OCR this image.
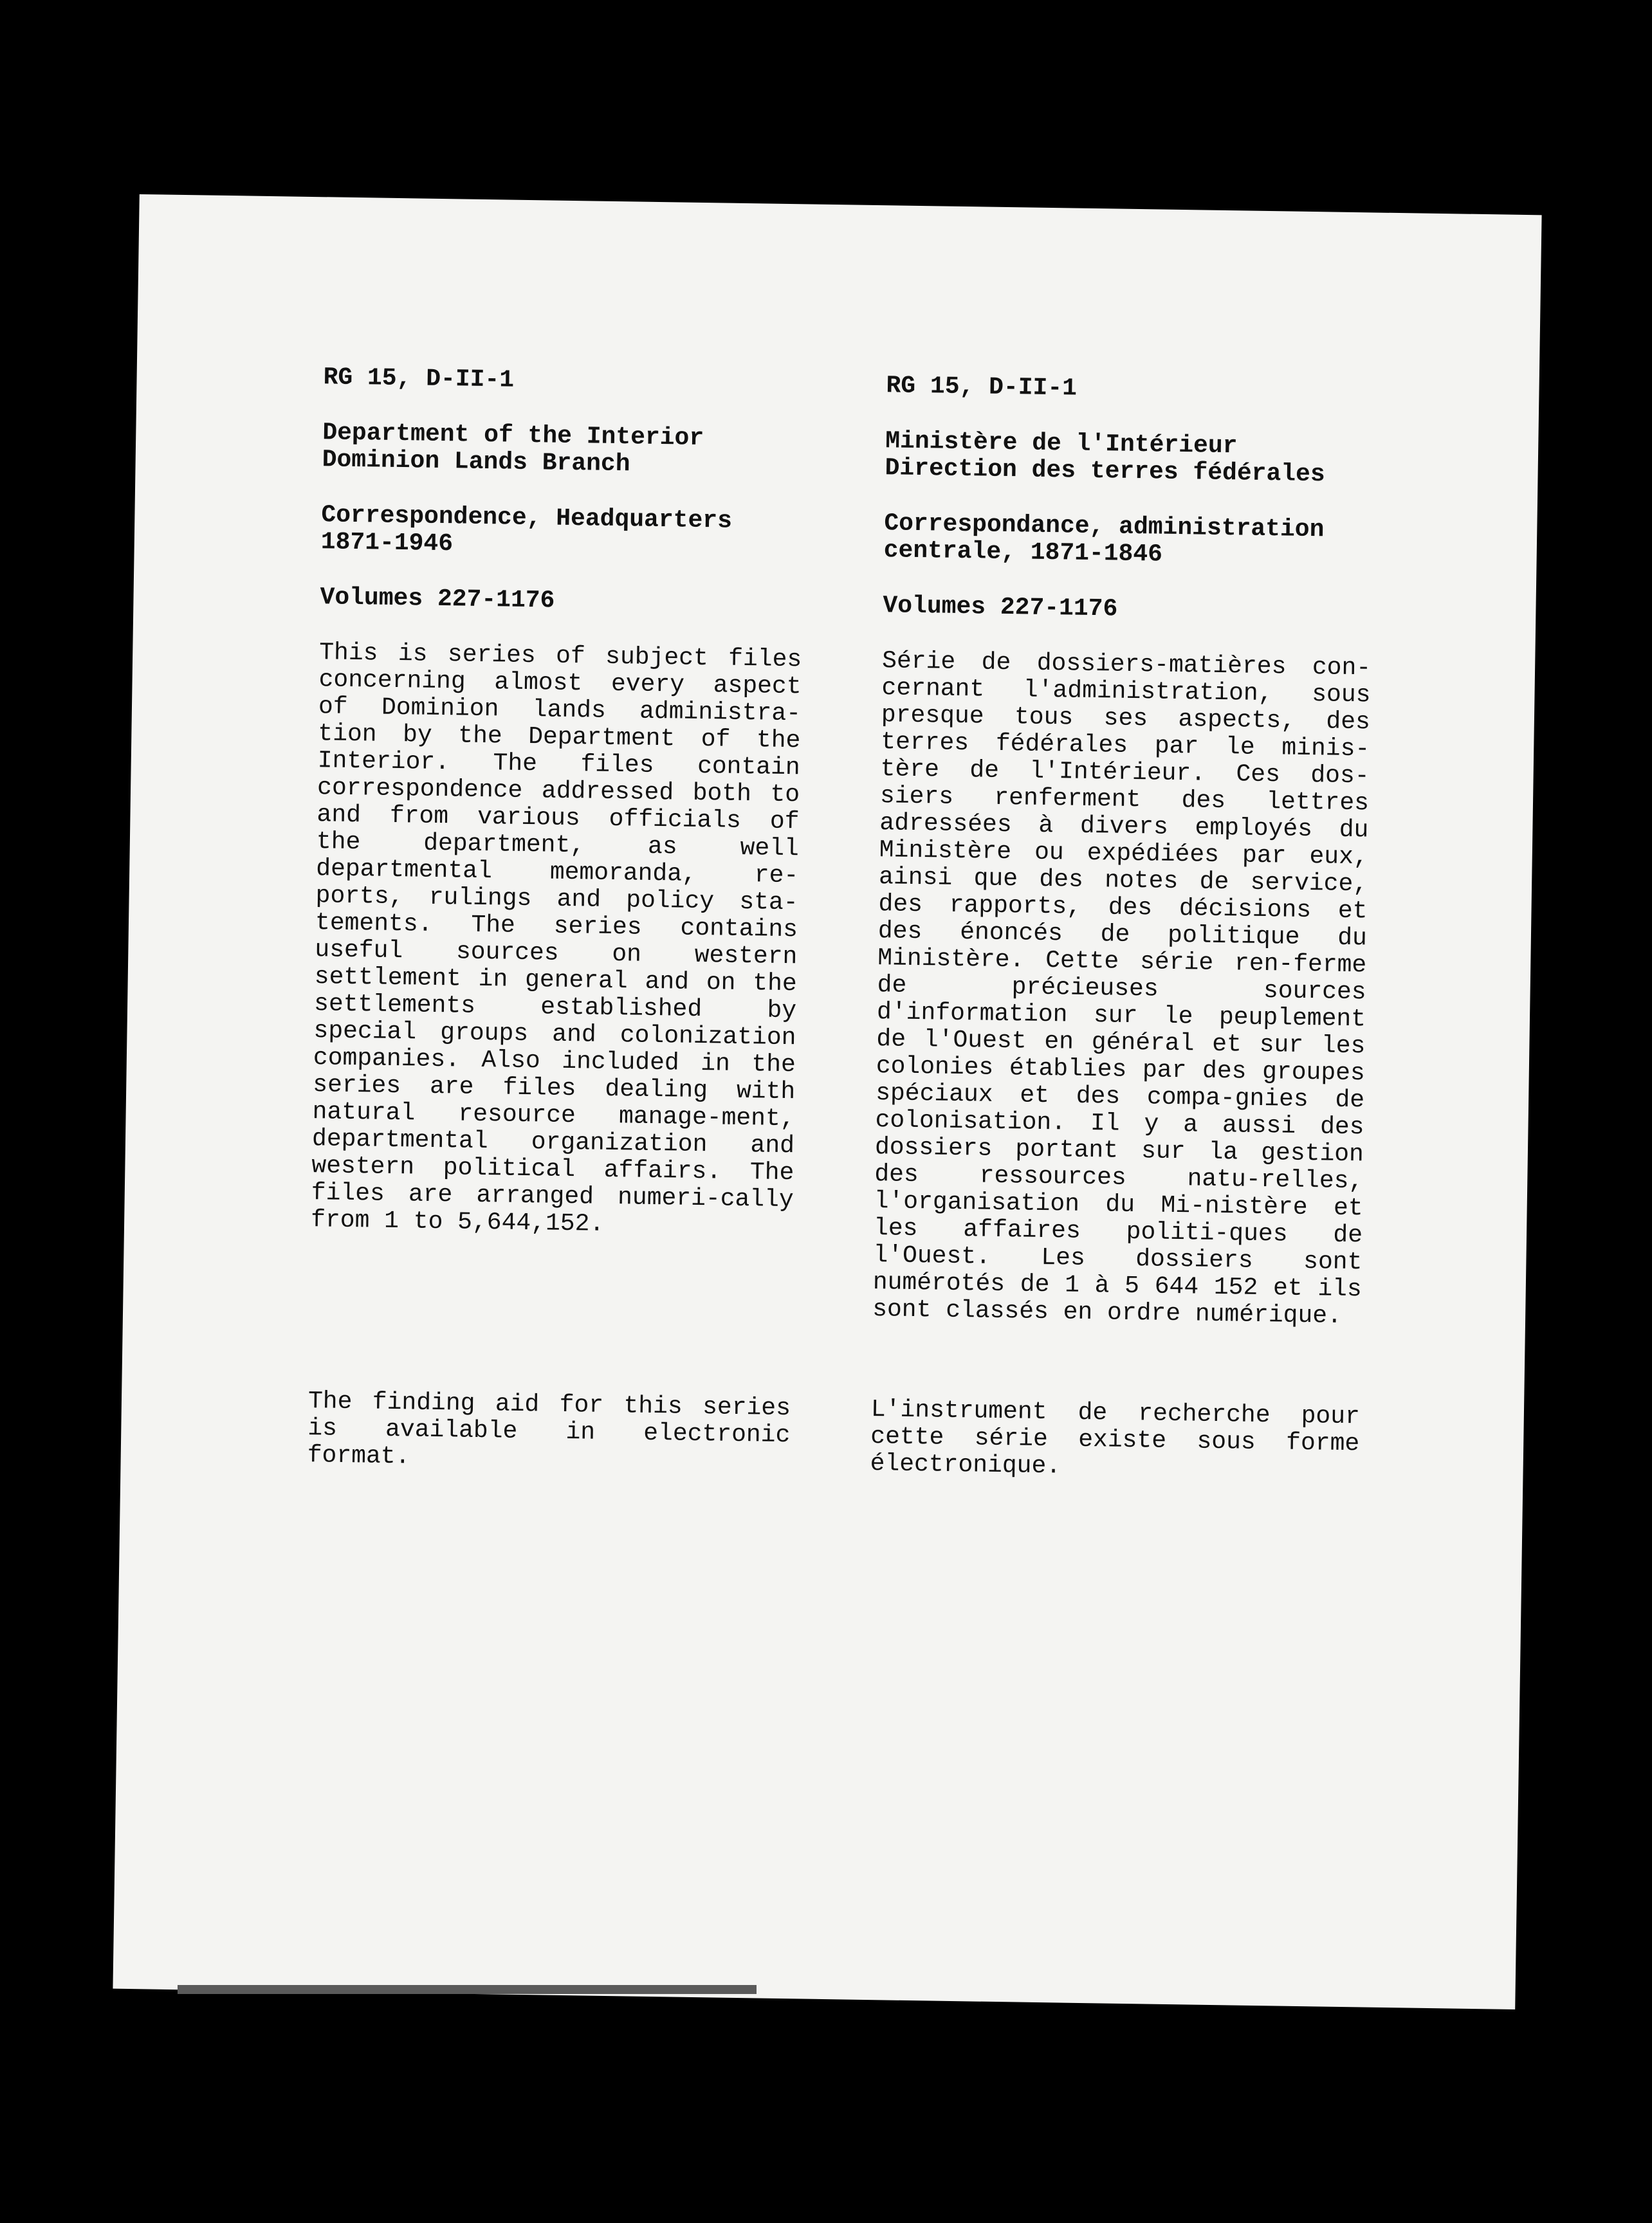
RG 15, D-II-1
Department of the Interior
Dominion Lands Branch
Correspondence, Headquarters
1871-1946
Volumes 227-1176
This is series of subject files concerning almost every aspect of Dominion lands administra-tion by the Department of the Interior. The files contain correspondence addressed both to and from various officials of the department, as well departmental memoranda, re-ports, rulings and policy sta-tements. The series contains useful sources on western settlement in general and on the settlements established by special groups and colonization companies. Also included in the series are files dealing with natural resource manage-ment, departmental organization and western political affairs. The files are arranged numeri-cally from 1 to 5,644,152.
The finding aid for this series is available in electronic format.
RG 15, D-II-1
Ministère de l'Intérieur
Direction des terres fédérales
Correspondance, administration
centrale, 1871-1846
Volumes 227-1176
Série de dossiers-matières con-cernant l'administration, sous presque tous ses aspects, des terres fédérales par le minis-tère de l'Intérieur. Ces dos-siers renferment des lettres adressées à divers employés du Ministère ou expédiées par eux, ainsi que des notes de service, des rapports, des décisions et des énoncés de politique du Ministère. Cette série ren-ferme de précieuses sources d'information sur le peuplement de l'Ouest en général et sur les colonies établies par des groupes spéciaux et des compa-gnies de colonisation. Il y a aussi des dossiers portant sur la gestion des ressources natu-relles, l'organisation du Mi-nistère et les affaires politi-ques de l'Ouest. Les dossiers sont numérotés de 1 à 5 644 152 et ils sont classés en ordre numérique.
L'instrument de recherche pour cette série existe sous forme électronique.
